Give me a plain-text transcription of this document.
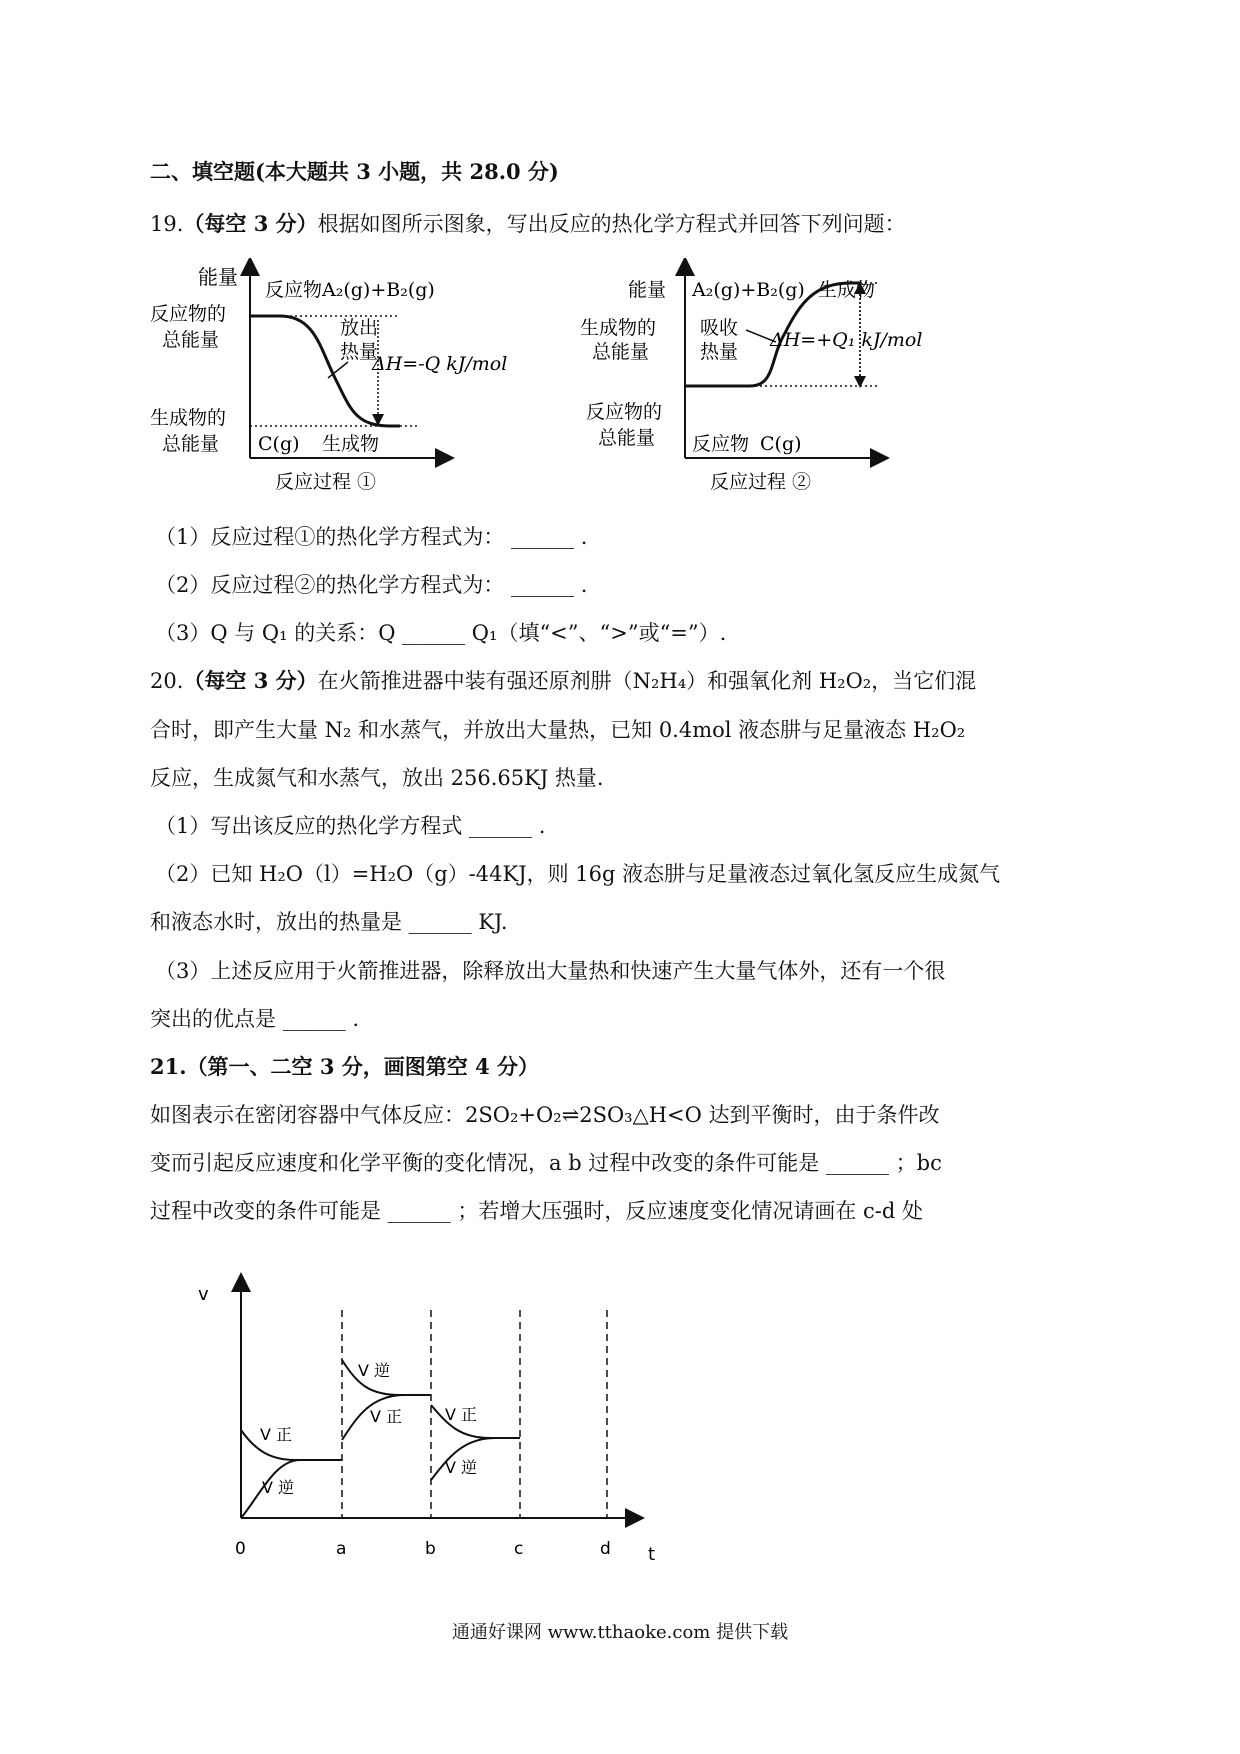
二、填空题(本大题共 3 小题，共 28.0 分)
19.（每空 3 分）根据如图所示图象，写出反应的热化学方程式并回答下列问题：
能量
反应物A₂(g)+B₂(g)
反应物的
总能量
生成物的
总能量
放出
热量
ΔH=-Q kJ/mol
C(g) 生成物
反应过程 ①
能量 A₂(g)+B₂(g) 生成物
生成物的
总能量
反应物的
总能量
吸收
热量
ΔH=+Q₁ kJ/mol
反应物 C(g)
反应过程 ②
（1）反应过程①的热化学方程式为： ______ .
（2）反应过程②的热化学方程式为： ______ .
（3）Q 与 Q₁ 的关系：Q ______ Q₁（填“<”、“>”或“=”）.
20.（每空 3 分）在火箭推进器中装有强还原剂肼（N₂H₄）和强氧化剂 H₂O₂，当它们混
合时，即产生大量 N₂ 和水蒸气，并放出大量热，已知 0.4mol 液态肼与足量液态 H₂O₂
反应，生成氮气和水蒸气，放出 256.65KJ 热量.
（1）写出该反应的热化学方程式 ______ .
（2）已知 H₂O（l）=H₂O（g）-44KJ，则 16g 液态肼与足量液态过氧化氢反应生成氮气
和液态水时，放出的热量是 ______ KJ.
（3）上述反应用于火箭推进器，除释放出大量热和快速产生大量气体外，还有一个很
突出的优点是 ______ .
21.（第一、二空 3 分，画图第空 4 分）
如图表示在密闭容器中气体反应：2SO₂+O₂⇌2SO₃△H<O 达到平衡时，由于条件改
变而引起反应速度和化学平衡的变化情况，a b 过程中改变的条件可能是 ______ ；bc
过程中改变的条件可能是 ______ ；若增大压强时，反应速度变化情况请画在 c-d 处
v
t
V 正
V 逆
V 逆
V 正	V 正
V 逆
0	a	b	c	d
通通好课网 www.tthaoke.com 提供下载
